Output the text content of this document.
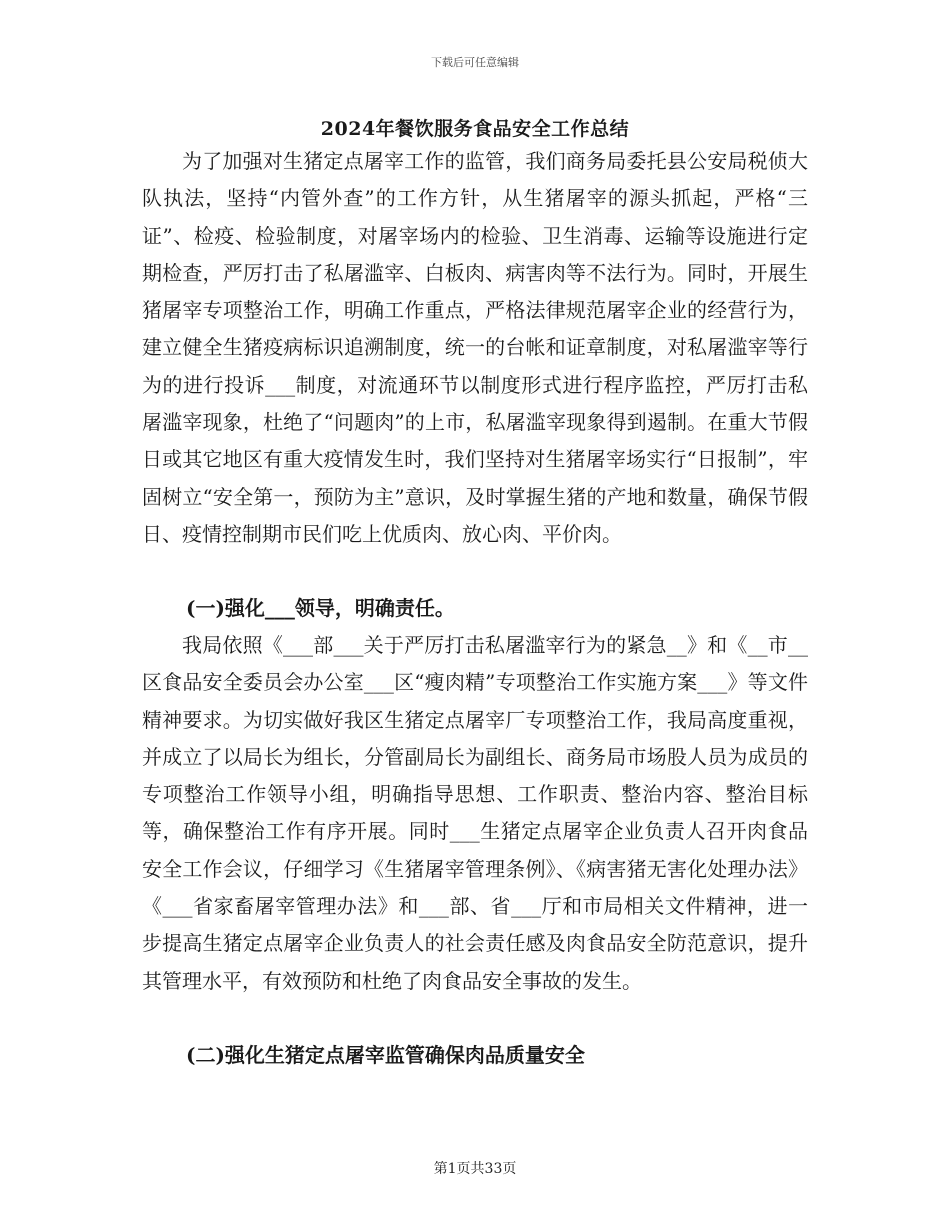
下载后可任意编辑
2024年餐饮服务食品安全工作总结

为了加强对生猪定点屠宰工作的监管，我们商务局委托县公安局税侦大队执法，坚持“内管外查”的工作方针，从生猪屠宰的源头抓起，严格“三证”、检疫、检验制度，对屠宰场内的检验、卫生消毒、运输等设施进行定期检查，严厉打击了私屠滥宰、白板肉、病害肉等不法行为。同时，开展生猪屠宰专项整治工作，明确工作重点，严格法律规范屠宰企业的经营行为，建立健全生猪疫病标识追溯制度，统一的台帐和证章制度，对私屠滥宰等行为的进行投诉___制度，对流通环节以制度形式进行程序监控，严厉打击私屠滥宰现象，杜绝了“问题肉”的上市，私屠滥宰现象得到遏制。在重大节假日或其它地区有重大疫情发生时，我们坚持对生猪屠宰场实行“日报制”，牢固树立“安全第一，预防为主”意识，及时掌握生猪的产地和数量，确保节假日、疫情控制期市民们吃上优质肉、放心肉、平价肉。

(一)强化___领导，明确责任。

我局依照《___部___关于严厉打击私屠滥宰行为的紧急__》和《__市__区食品安全委员会办公室___区“瘦肉精”专项整治工作实施方案___》等文件精神要求。为切实做好我区生猪定点屠宰厂专项整治工作，我局高度重视，并成立了以局长为组长，分管副局长为副组长、商务局市场股人员为成员的专项整治工作领导小组，明确指导思想、工作职责、整治内容、整治目标等，确保整治工作有序开展。同时___生猪定点屠宰企业负责人召开肉食品安全工作会议，仔细学习《生猪屠宰管理条例》、《病害猪无害化处理办法》《___省家畜屠宰管理办法》和___部、省___厅和市局相关文件精神，进一步提高生猪定点屠宰企业负责人的社会责任感及肉食品安全防范意识，提升其管理水平，有效预防和杜绝了肉食品安全事故的发生。

(二)强化生猪定点屠宰监管确保肉品质量安全

第1页共33页
